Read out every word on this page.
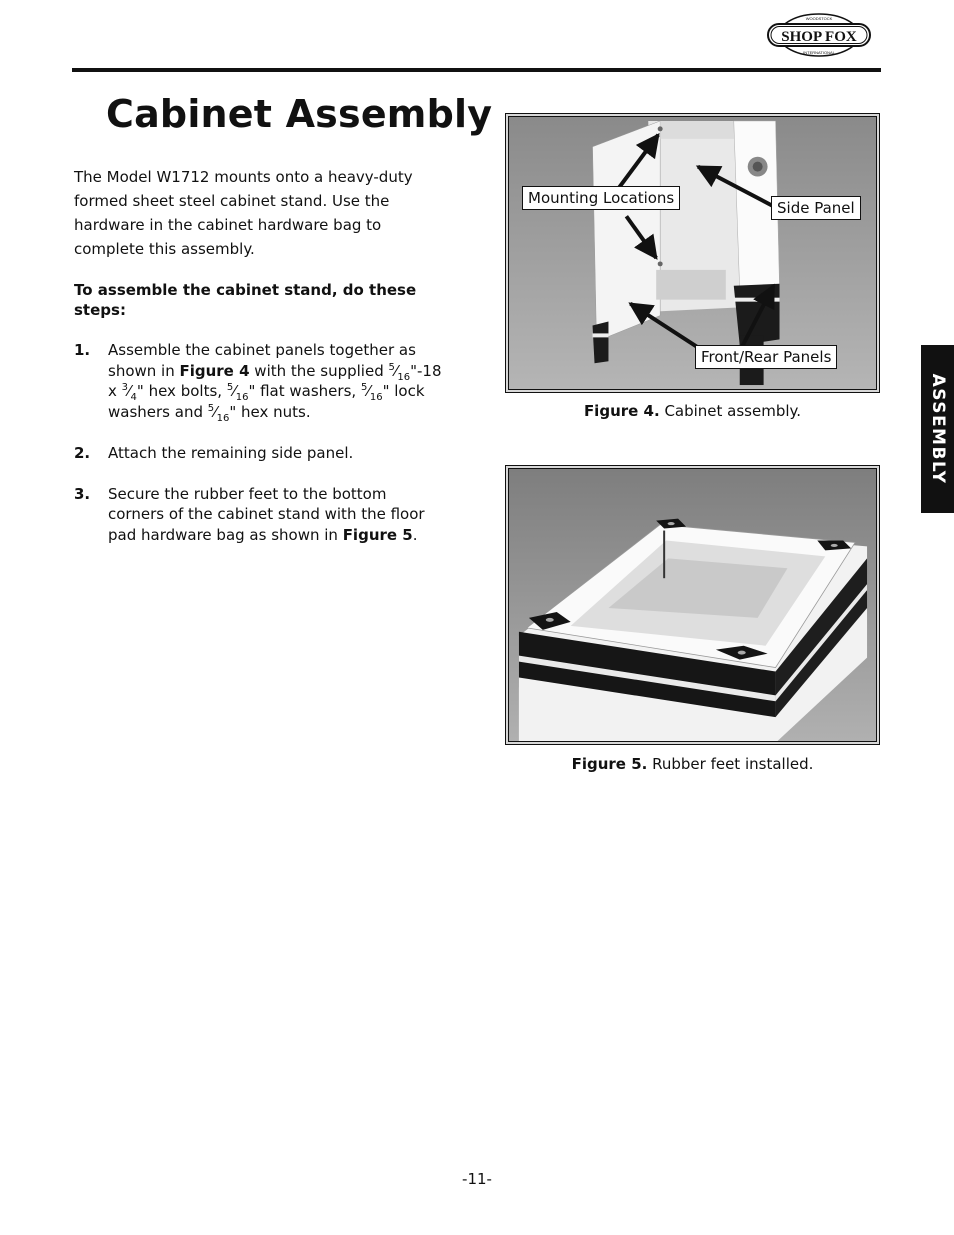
SHOP FOX
WOODSTOCK
INTERNATIONAL
Cabinet Assembly

The Model W1712 mounts onto a heavy-duty formed sheet steel cabinet stand. Use the hardware in the cabinet hardware bag to complete this assembly.

To assemble the cabinet stand, do these steps:

1.	Assemble the cabinet panels together as shown in Figure 4 with the supplied $^5⁄_{16}"-18$ x $^3⁄_4$" hex bolts, $^5⁄_{16}$" flat washers, $^5⁄_{16}$" lock washers and $^5⁄_{16}$" hex nuts.
2.	Attach the remaining side panel.
3.	Secure the rubber feet to the bottom corners of the cabinet stand with the floor pad hardware bag as shown in Figure 5.
Mounting Locations
Side Panel
Front/Rear Panels
Figure 4. Cabinet assembly.
Figure 5. Rubber feet installed.
ASSEMBLY
-11-
